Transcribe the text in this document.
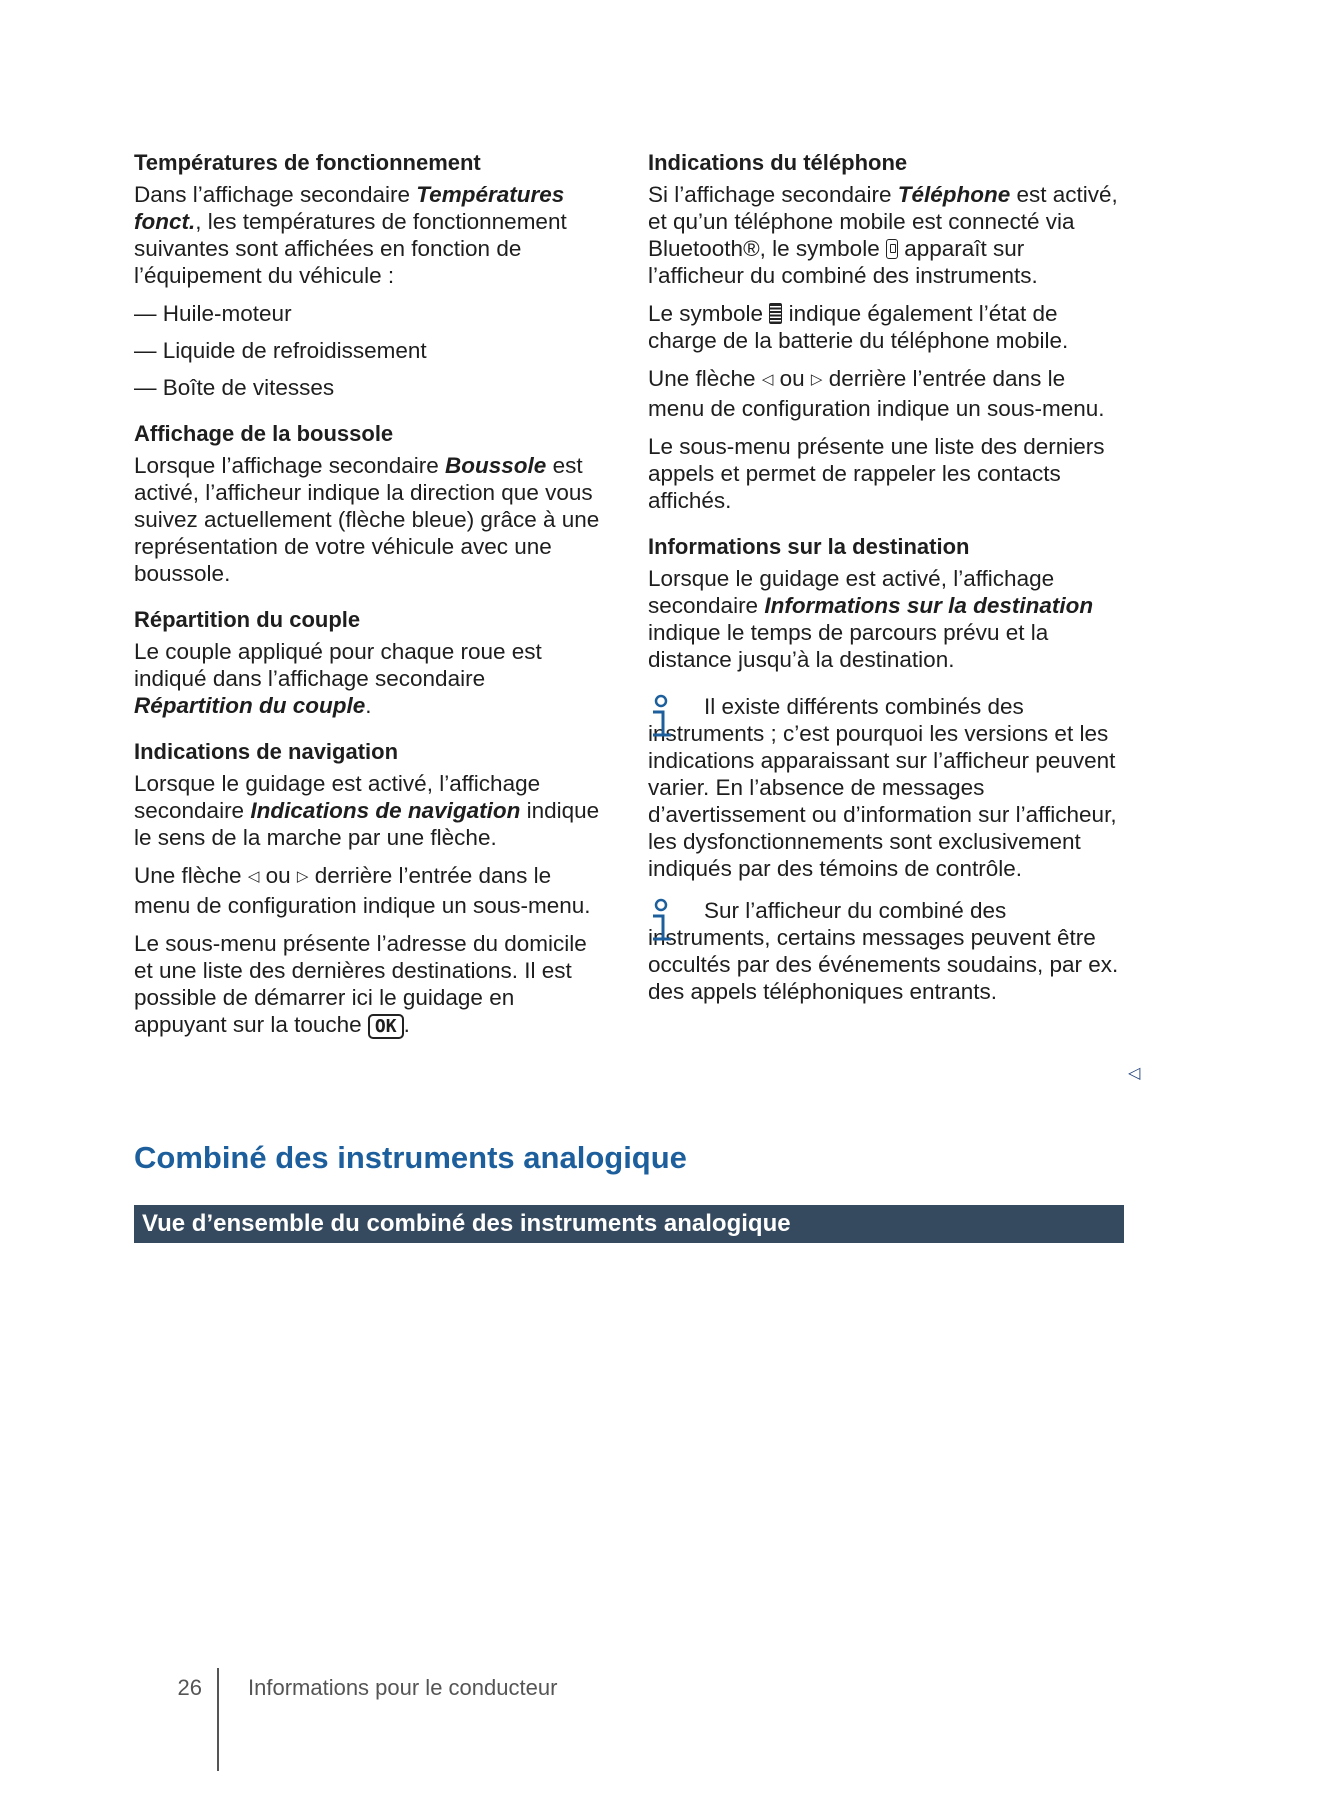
Températures de fonctionnement

Dans l’affichage secondaire Températures fonct., les températures de fonctionnement suivantes sont affichées en fonction de l’équipement du véhicule :

— Huile-moteur
— Liquide de refroidissement
— Boîte de vitesses
Affichage de la boussole

Lorsque l’affichage secondaire Boussole est activé, l’afficheur indique la direction que vous suivez actuellement (flèche bleue) grâce à une représentation de votre véhicule avec une boussole.

Répartition du couple

Le couple appliqué pour chaque roue est indiqué dans l’affichage secondaire Répartition du couple.

Indications de navigation

Lorsque le guidage est activé, l’affichage secondaire Indications de navigation indique le sens de la marche par une flèche.

Une flèche ◁ ou ▷ derrière l’entrée dans le menu de configuration indique un sous-menu.

Le sous-menu présente l’adresse du domicile et une liste des dernières destinations. Il est possible de démarrer ici le guidage en appuyant sur la touche OK .

Indications du téléphone

Si l’affichage secondaire Téléphone est activé, et qu’un téléphone mobile est connecté via Bluetooth®, le symbole  apparaît sur l’afficheur du combiné des instruments.

Le symbole  indique également l’état de charge de la batterie du téléphone mobile.

Une flèche ◁ ou ▷ derrière l’entrée dans le menu de configuration indique un sous-menu.

Le sous-menu présente une liste des derniers appels et permet de rappeler les contacts affichés.

Informations sur la destination

Lorsque le guidage est activé, l’affichage secondaire Informations sur la destination indique le temps de parcours prévu et la distance jusqu’à la destination.

Il existe différents combinés des instruments ; c’est pourquoi les versions et les indications apparaissant sur l’afficheur peuvent varier. En l’absence de messages d’avertissement ou d’information sur l’afficheur, les dysfonctionnements sont exclusivement indiqués par des témoins de contrôle.
Sur l’afficheur du combiné des instruments, certains messages peuvent être occultés par des événements soudains, par ex. des appels téléphoniques entrants.
◁
Combiné des instruments analogique
Vue d’ensemble du combiné des instruments analogique
26 Informations pour le conducteur
